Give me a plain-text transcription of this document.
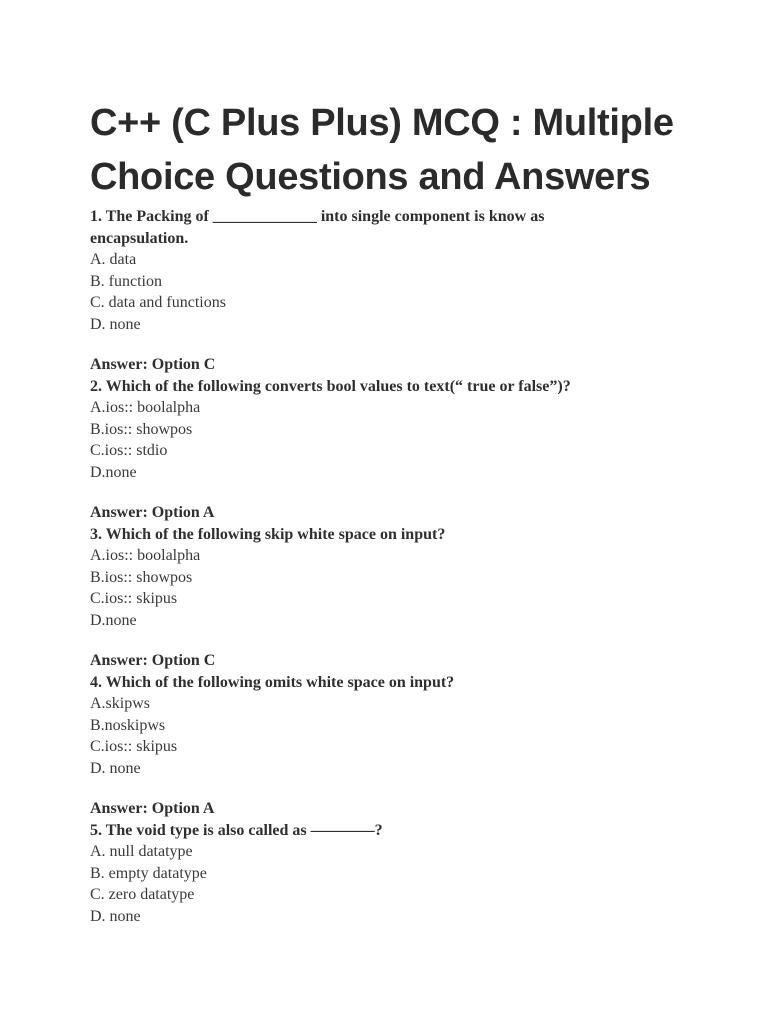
C++ (C Plus Plus) MCQ : Multiple
Choice Questions and Answers
1. The Packing of _____________ into single component is know as
encapsulation.
A. data
B. function
C. data and functions
D. none
Answer: Option C
2. Which of the following converts bool values to text(“ true or false”)?
A.ios:: boolalpha
B.ios:: showpos
C.ios:: stdio
D.none
Answer: Option A
3. Which of the following skip white space on input?
A.ios:: boolalpha
B.ios:: showpos
C.ios:: skipus
D.none
Answer: Option C
4. Which of the following omits white space on input?
A.skipws
B.noskipws
C.ios:: skipus
D. none
Answer: Option A
5. The void type is also called as ————?
A. null datatype
B. empty datatype
C. zero datatype
D. none
